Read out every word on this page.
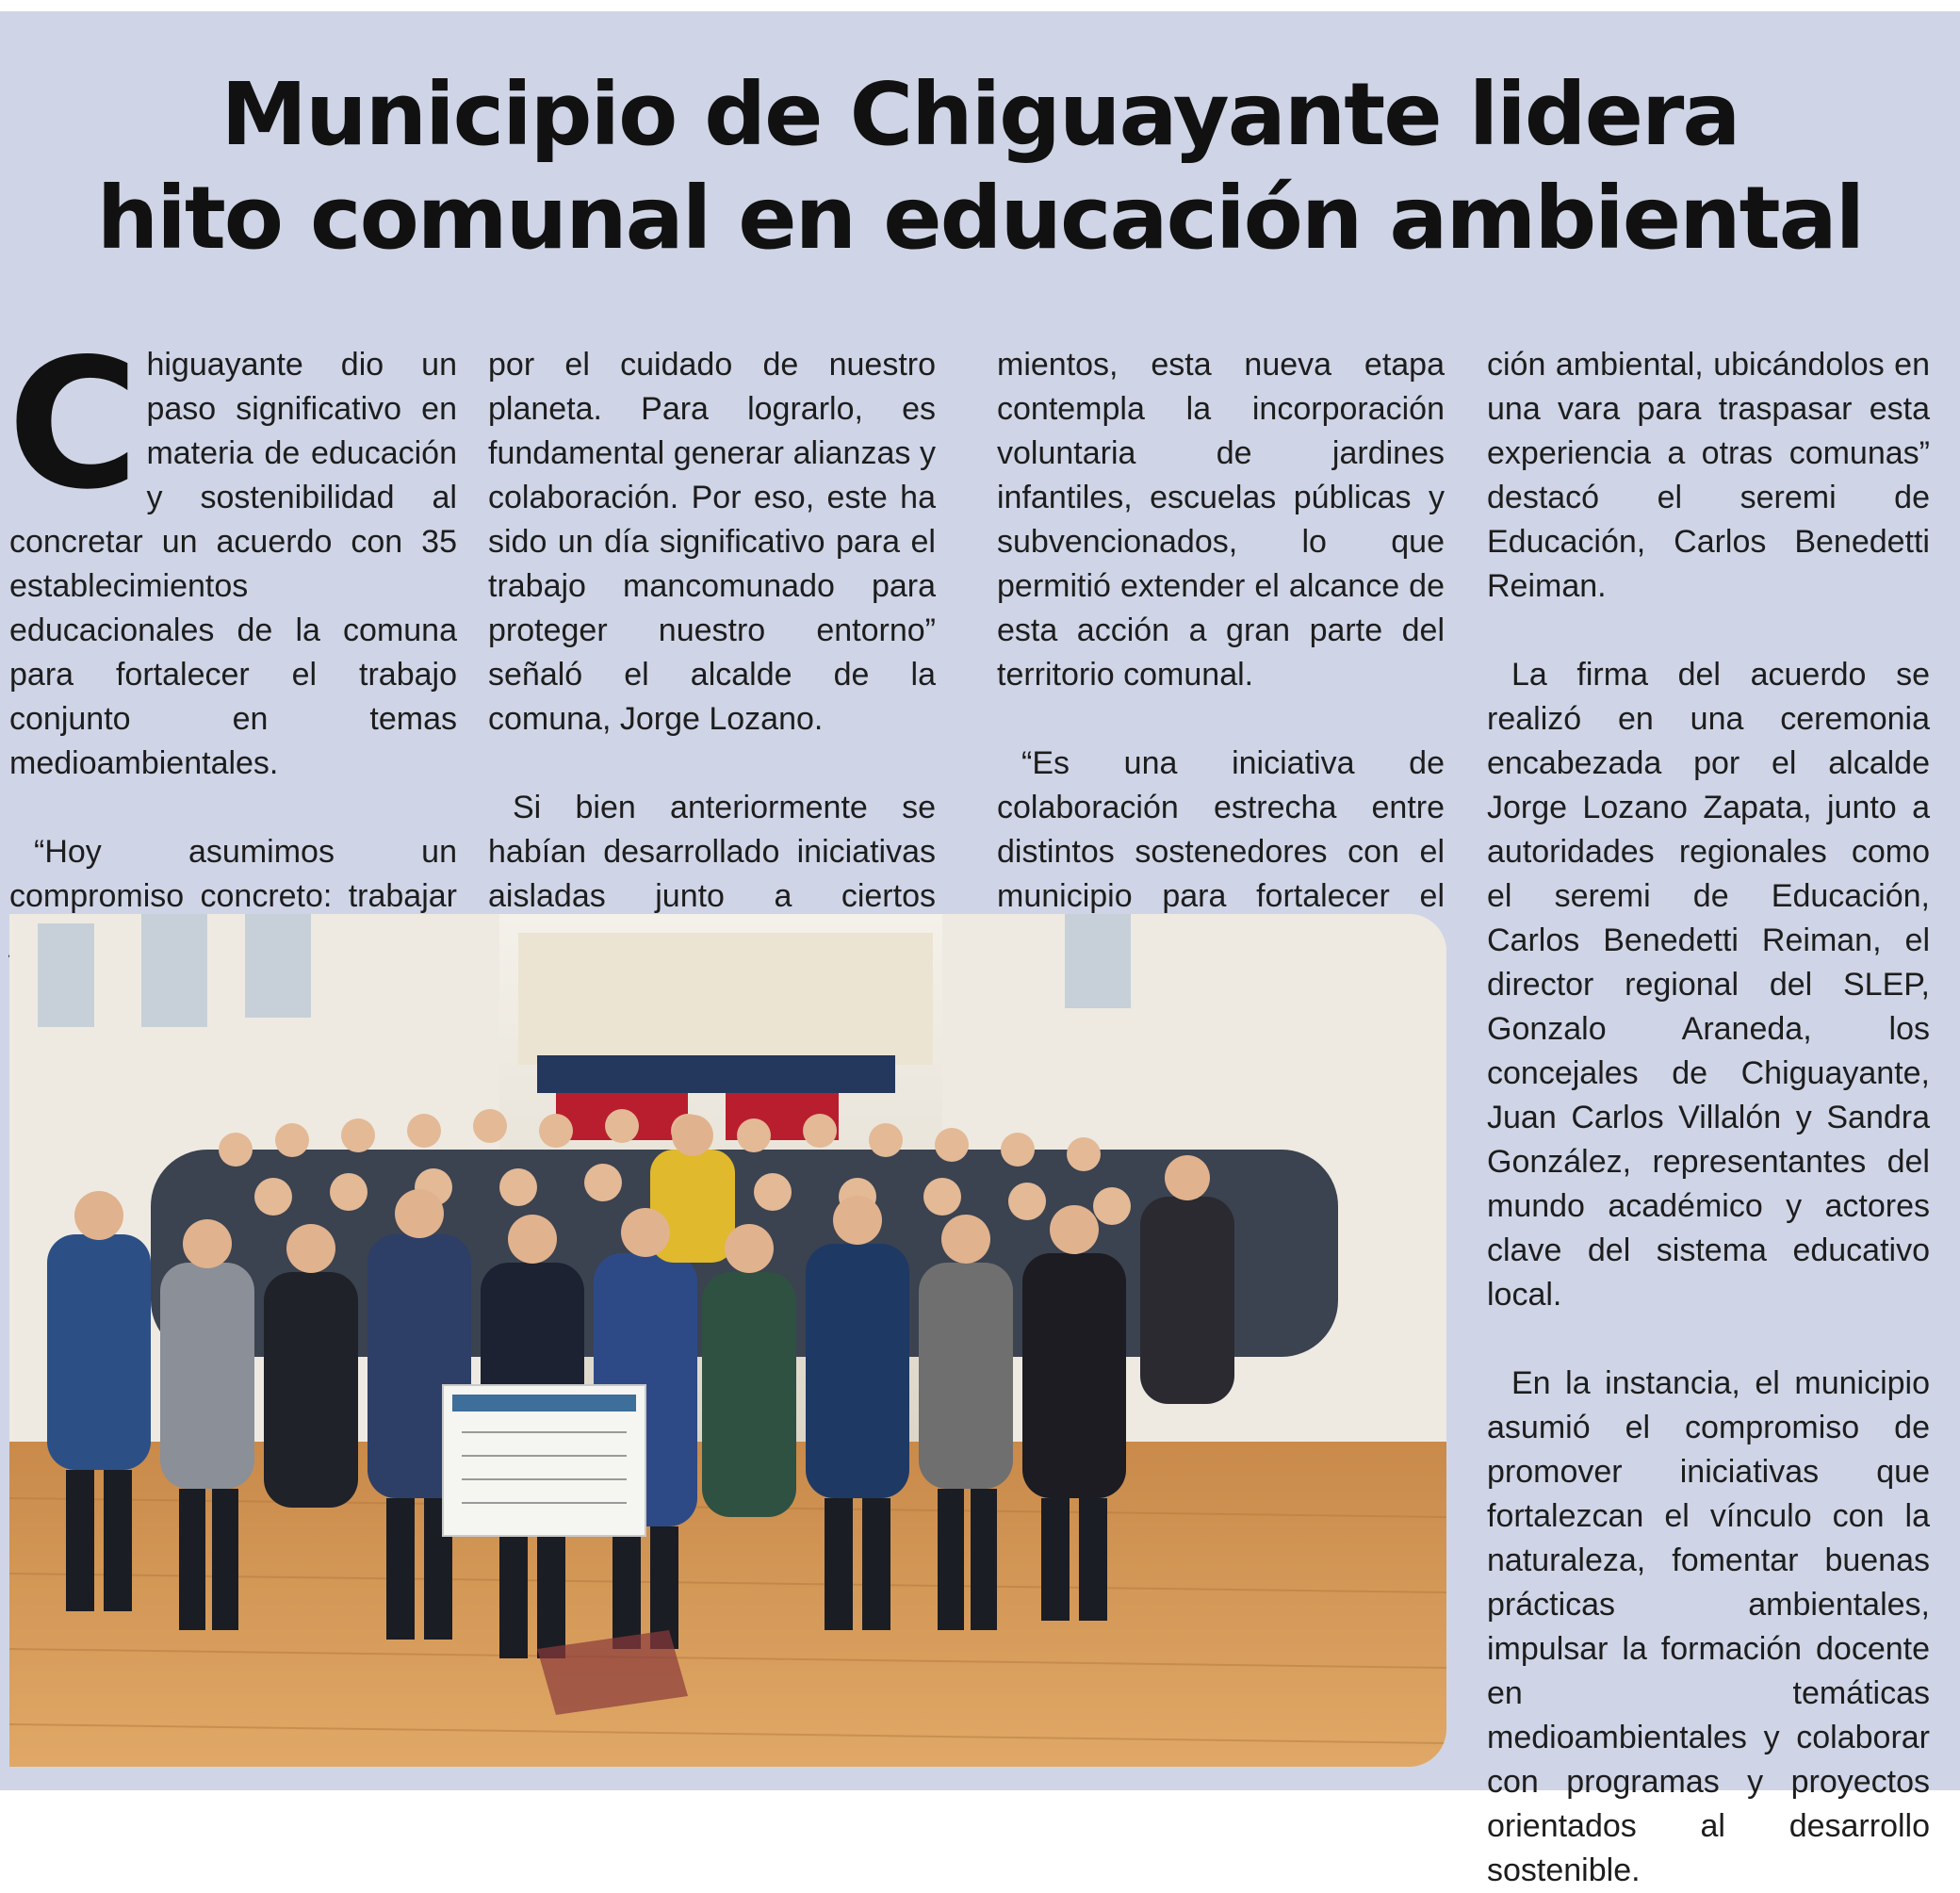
Municipio de Chiguayante lidera
hito comunal en educación ambiental

Chiguayante dio un paso significativo en materia de educación y sostenibilidad al concretar un acuerdo con 35 establecimientos educacionales de la comuna para fortalecer el trabajo conjunto en temas medioambientales.

“Hoy asumimos un compromiso concreto: trabajar

por el cuidado de nuestro planeta. Para lograrlo, es fundamental generar alianzas y colaboración. Por eso, este ha sido un día significativo para el trabajo mancomunado para proteger nuestro entorno” señaló el alcalde de la comuna, Jorge Lozano.

Si bien anteriormente se habían desarrollado iniciativas aisladas junto a ciertos

mientos, esta nueva etapa contempla la incorporación voluntaria de jardines infantiles, escuelas públicas y subvencionados, lo que permitió extender el alcance de esta acción a gran parte del territorio comunal.

“Es una iniciativa de colaboración estrecha entre distintos sostenedores con el municipio para fortalecer el

ción ambiental, ubicándolos en una vara para traspasar esta experiencia a otras comunas” destacó el seremi de Educación, Carlos Benedetti Reiman.

La firma del acuerdo se realizó en una ceremonia encabezada por el alcalde Jorge Lozano Zapata, junto a autoridades regionales como el seremi de Educación, Carlos Benedetti Reiman, el director regional del SLEP, Gonzalo Araneda, los concejales de Chiguayante, Juan Carlos Villalón y Sandra González, representantes del mundo académico y actores clave del sistema educativo local.

En la instancia, el municipio asumió el compromiso de promover iniciativas que fortalezcan el vínculo con la naturaleza, fomentar buenas prácticas ambientales, impulsar la formación docente en temáticas medioambientales y colaborar con programas y proyectos orientados al desarrollo sostenible.
